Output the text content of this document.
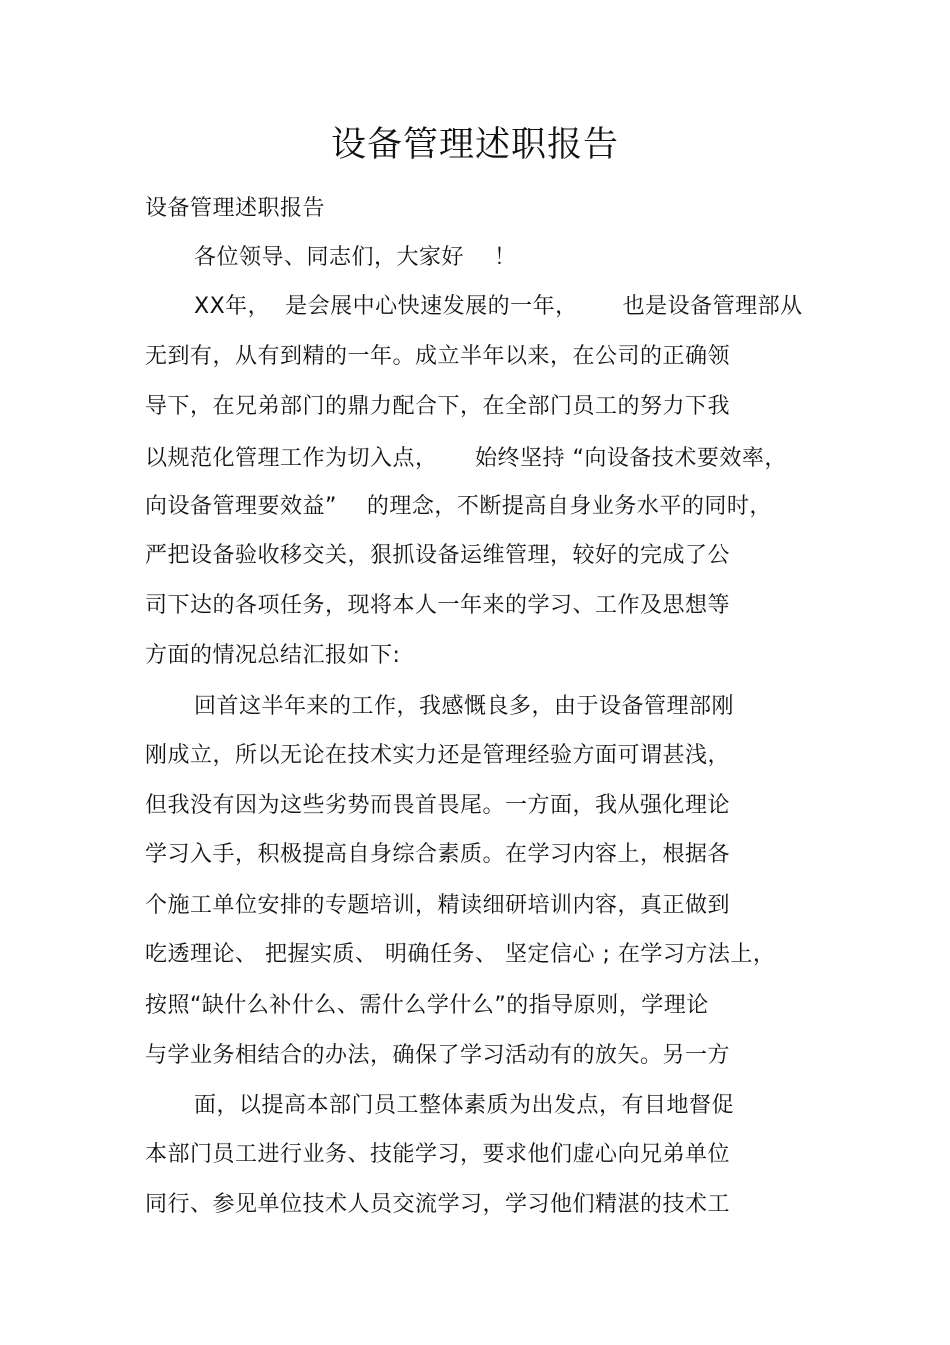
设备管理述职报告

设备管理述职报告

各位领导、同志们，大家好    ！

XX年，  是会展中心快速发展的一年，      也是设备管理部从

无到有，从有到精的一年。成立半年以来，在公司的正确领

导下，在兄弟部门的鼎力配合下，在全部门员工的努力下我

以规范化管理工作为切入点，     始终坚持 “向设备技术要效率，

向设备管理要效益”    的理念，不断提高自身业务水平的同时，

严把设备验收移交关，狠抓设备运维管理，较好的完成了公

司下达的各项任务，现将本人一年来的学习、工作及思想等

方面的情况总结汇报如下:

回首这半年来的工作，我感慨良多，由于设备管理部刚

刚成立，所以无论在技术实力还是管理经验方面可谓甚浅，

但我没有因为这些劣势而畏首畏尾。一方面，我从强化理论

学习入手，积极提高自身综合素质。在学习内容上，根据各

个施工单位安排的专题培训，精读细研培训内容，真正做到

吃透理论、 把握实质、 明确任务、 坚定信心 ; 在学习方法上，

按照“缺什么补什么、需什么学什么”的指导原则，学理论

与学业务相结合的办法，确保了学习活动有的放矢。另一方

面，以提高本部门员工整体素质为出发点，有目地督促

本部门员工进行业务、技能学习，要求他们虚心向兄弟单位

同行、参见单位技术人员交流学习，学习他们精湛的技术工
